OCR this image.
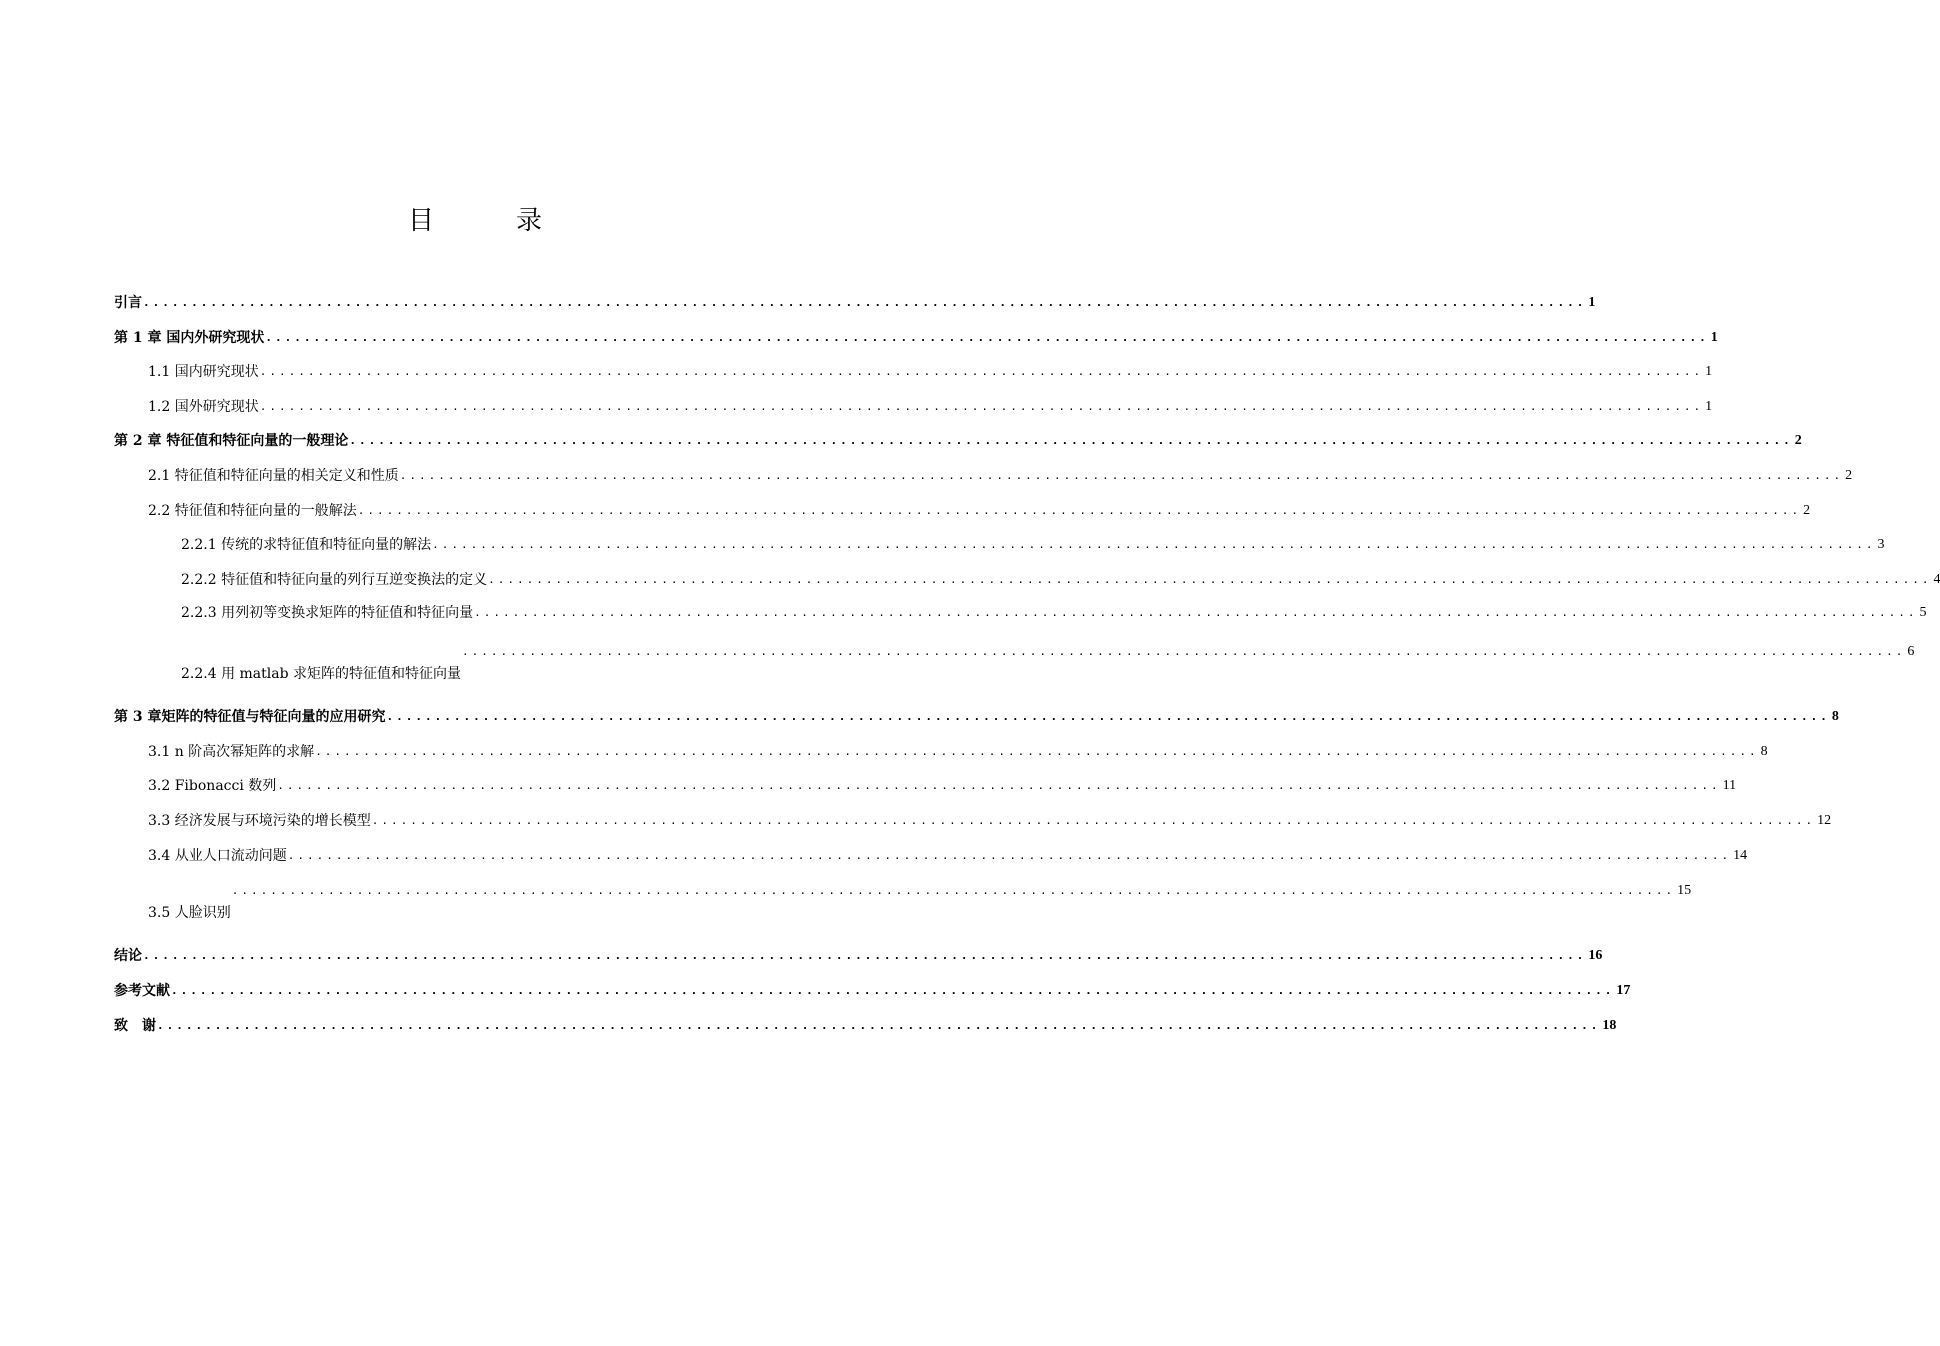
目　录
引言 ...................................................................................................................................................... 1
第 1 章 国内外研究现状 ...................................................................................................................................................... 1
1.1 国内研究现状 ...................................................................................................................................................... 1
1.2 国外研究现状 ...................................................................................................................................................... 1
第 2 章 特征值和特征向量的一般理论 ...................................................................................................................................................... 2
2.1 特征值和特征向量的相关定义和性质 ...................................................................................................................................................... 2
2.2 特征值和特征向量的一般解法 ...................................................................................................................................................... 2
2.2.1 传统的求特征值和特征向量的解法 ...................................................................................................................................................... 3
2.2.2 特征值和特征向量的列行互逆变换法的定义 ...................................................................................................................................................... 4
2.2.3 用列初等变换求矩阵的特征值和特征向量 ...................................................................................................................................................... 5
2.2.4 用 matlab 求矩阵的特征值和特征向量
...................................................................................................................................................... 6
第 3 章矩阵的特征值与特征向量的应用研究 ...................................................................................................................................................... 8
3.1 n 阶高次幂矩阵的求解 ...................................................................................................................................................... 8
3.2 Fibonacci 数列 ...................................................................................................................................................... 11
3.3 经济发展与环境污染的增长模型 ...................................................................................................................................................... 12
3.4 从业人口流动问题 ...................................................................................................................................................... 14
3.5 人脸识别
...................................................................................................................................................... 15
结论 ...................................................................................................................................................... 16
参考文献 ...................................................................................................................................................... 17
致　谢 ...................................................................................................................................................... 18
